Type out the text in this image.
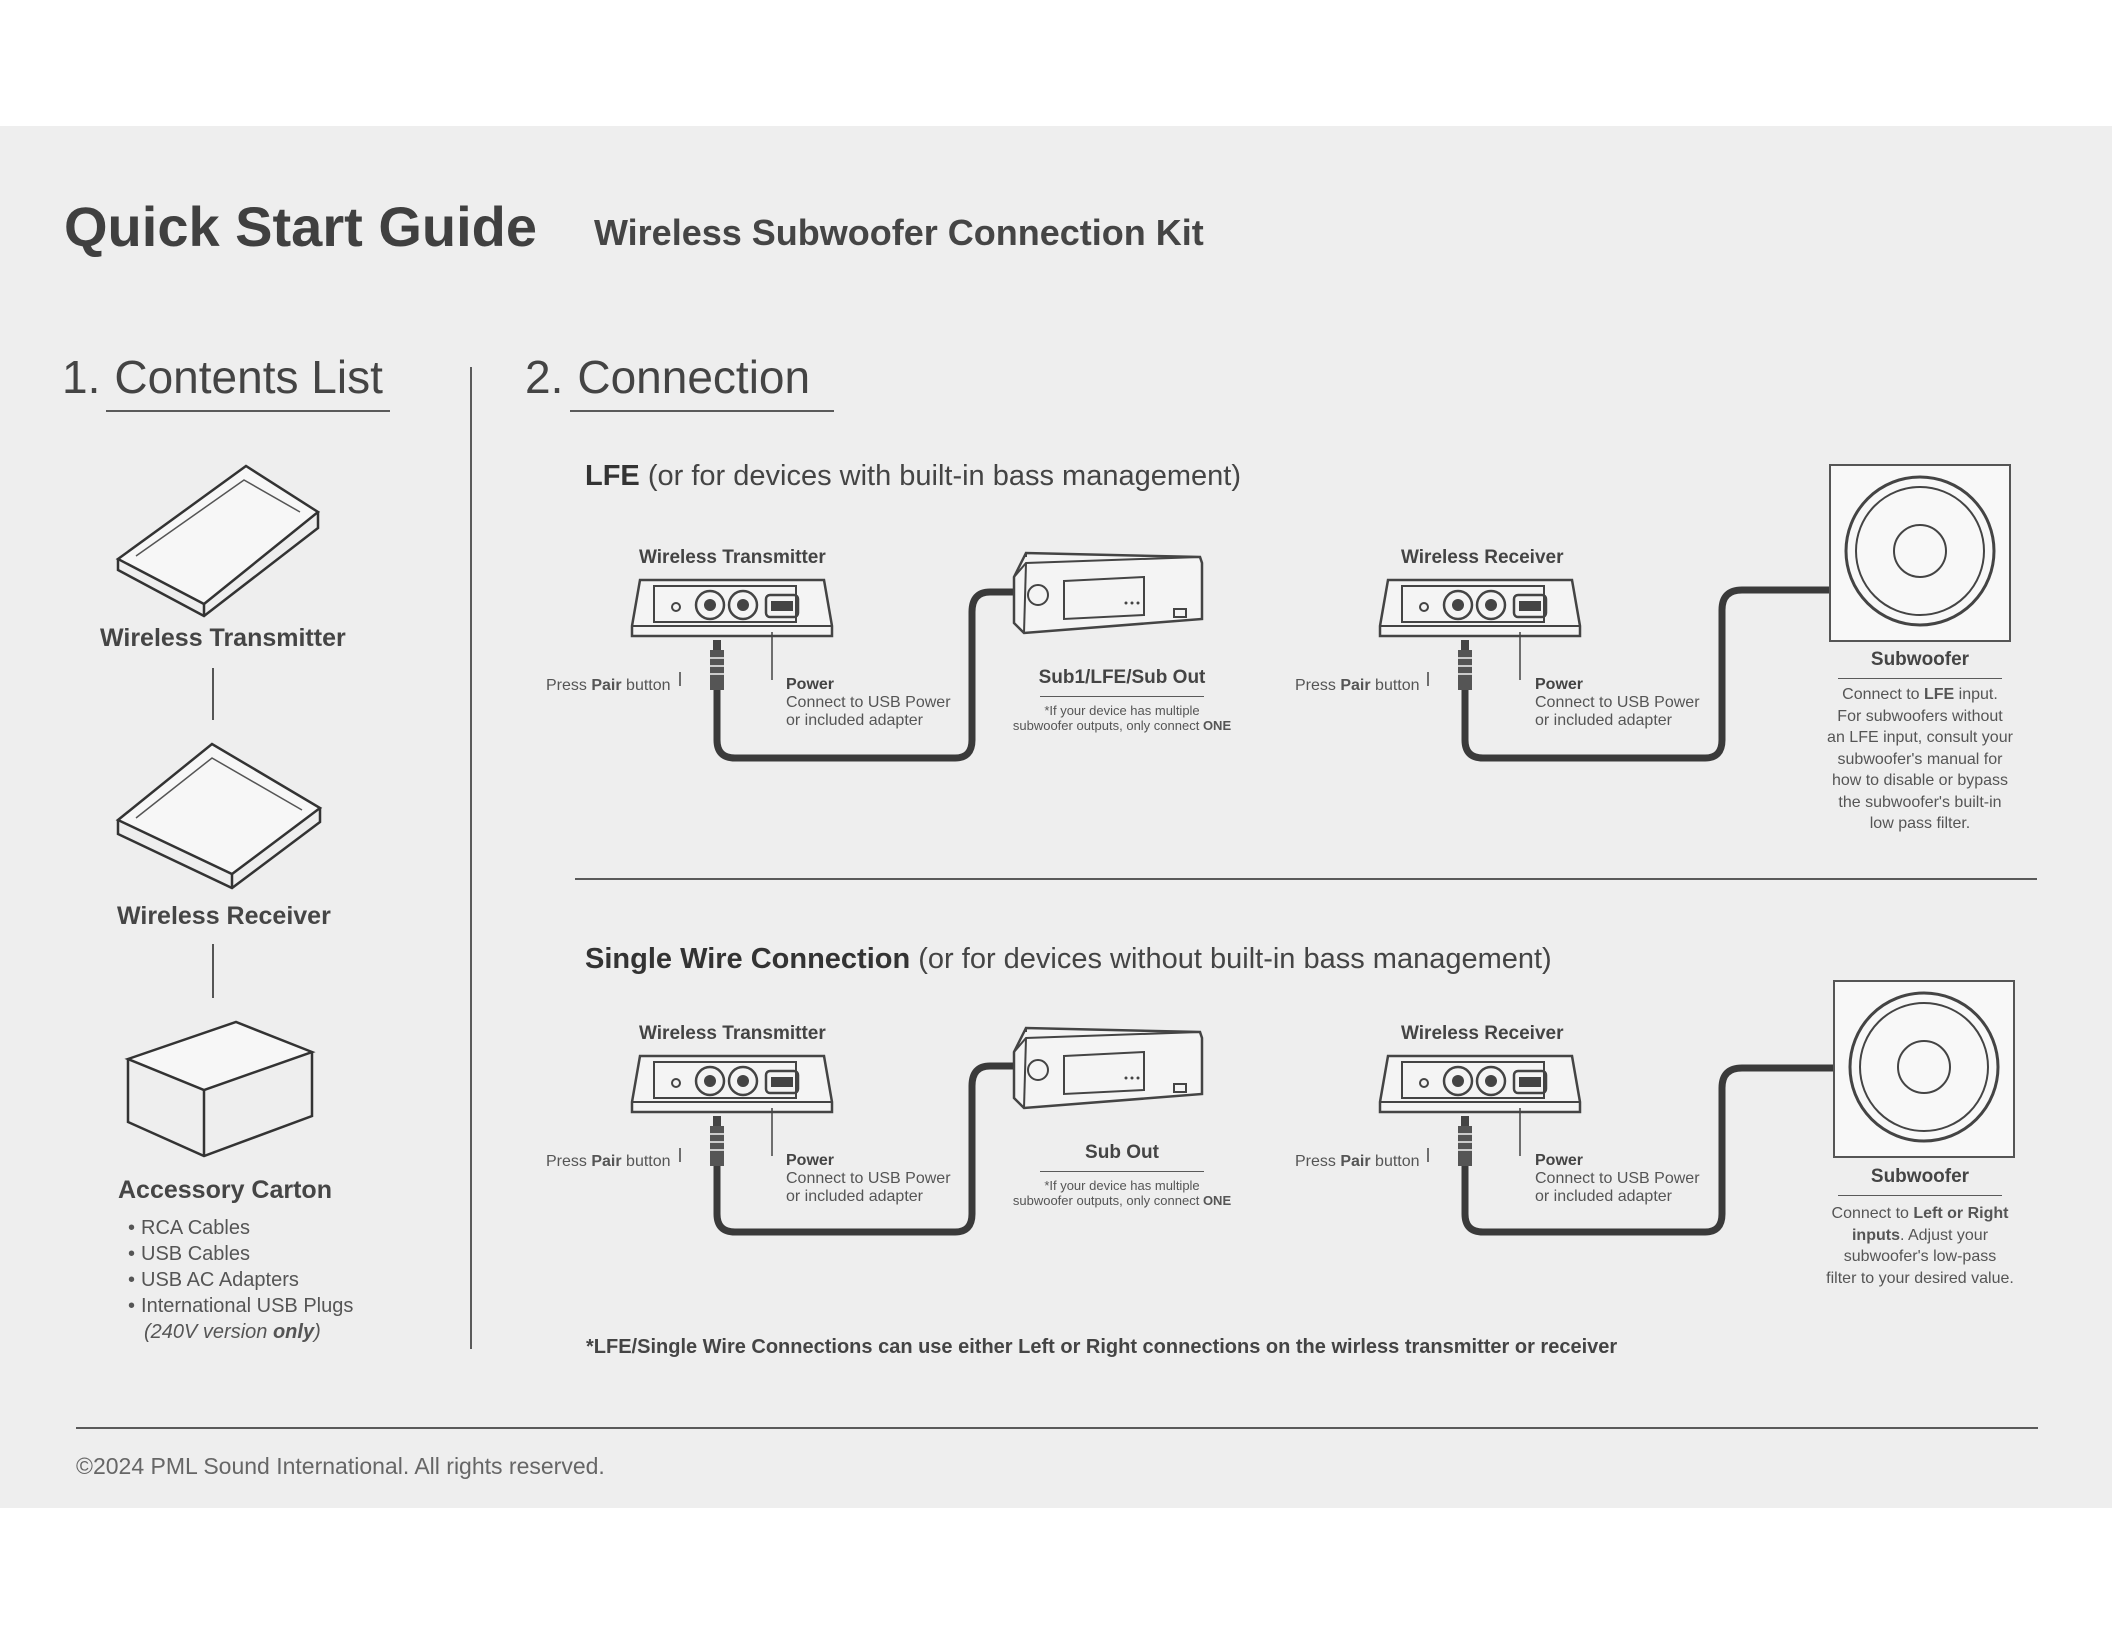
Quick Start Guide Wireless Subwoofer Connection Kit
1. Contents List
Wireless Transmitter
Wireless Receiver
Accessory Carton
• RCA Cables
• USB Cables
• USB AC Adapters
• International USB Plugs
(240V version only)
2. Connection
LFE (or for devices with built-in bass management)
Wireless Transmitter	Wireless Receiver
Press Pair button	Press Pair button
Power
Connect to USB Power
or included adapter
Power
Connect to USB Power
or included adapter
Sub1/LFE/Sub Out
*If your device has multiple
subwoofer outputs, only connect ONE
Subwoofer
Connect to LFE input.
For subwoofers without
an LFE input, consult your
subwoofer's manual for
how to disable or bypass
the subwoofer's built-in
low pass filter.
Single Wire Connection (or for devices without built-in bass management)
Wireless Transmitter	Wireless Receiver
Press Pair button	Press Pair button
Power
Connect to USB Power
or included adapter
Power
Connect to USB Power
or included adapter
Sub Out
*If your device has multiple
subwoofer outputs, only connect ONE
Subwoofer
Connect to Left or Right
inputs. Adjust your
subwoofer's low-pass
filter to your desired value.
*LFE/Single Wire Connections can use either Left or Right connections on the wirless transmitter or receiver
©2024 PML Sound International. All rights reserved.
